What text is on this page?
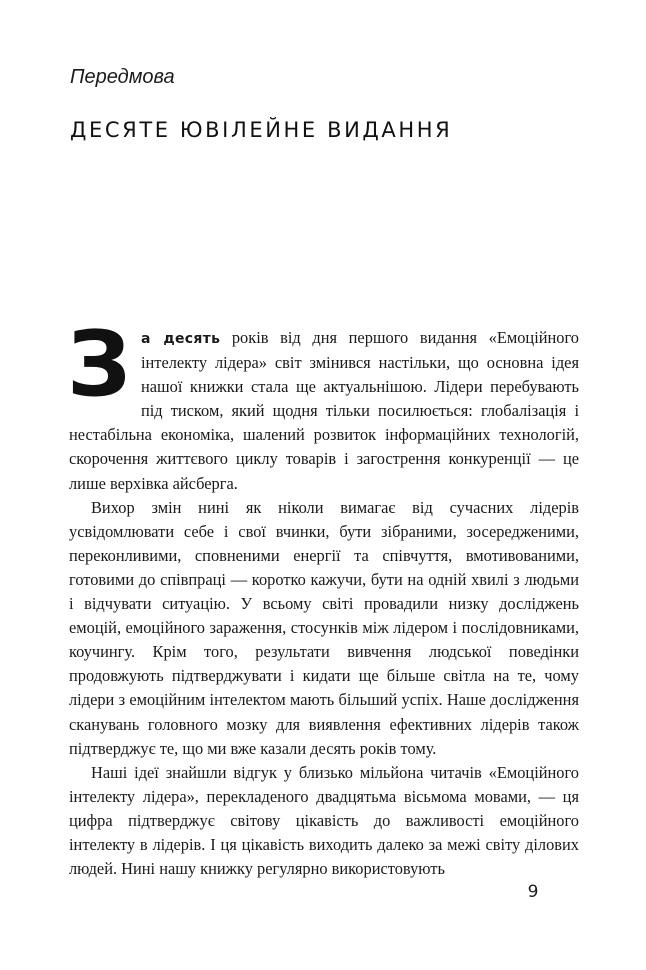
Передмова
ДЕСЯТЕ ЮВІЛЕЙНЕ ВИДАННЯ

За десять років від дня першого видання «Емоційного інтелекту лідера» світ змінився настільки, що основна ідея нашої книжки стала ще актуальнішою. Лідери перебувають під тиском, який щодня тільки посилюється: глобалізація і нестабільна економіка, шалений розвиток інформаційних технологій, скорочення життєвого циклу товарів і загострення конкуренції — це лише верхівка айсберга.

Вихор змін нині як ніколи вимагає від сучасних лідерів усвідомлювати себе і свої вчинки, бути зібраними, зосередженими, переконливими, сповненими енергії та співчуття, вмотивованими, готовими до співпраці — коротко кажучи, бути на одній хвилі з людьми і відчувати ситуацію. У всьому світі провадили низку досліджень емоцій, емоційного зараження, стосунків між лідером і послідовниками, коучингу. Крім того, результати вивчення людської поведінки продовжують підтверджувати і кидати ще більше світла на те, чому лідери з емоційним інтелектом мають більший успіх. Наше дослідження сканувань головного мозку для виявлення ефективних лідерів також підтверджує те, що ми вже казали десять років тому.

Наші ідеї знайшли відгук у близько мільйона читачів «Емоційного інтелекту лідера», перекладеного двадцятьма вісьмома мовами, — ця цифра підтверджує світову цікавість до важливості емоційного інтелекту в лідерів. І ця цікавість виходить далеко за межі світу ділових людей. Нині нашу книжку регулярно використовують

9
